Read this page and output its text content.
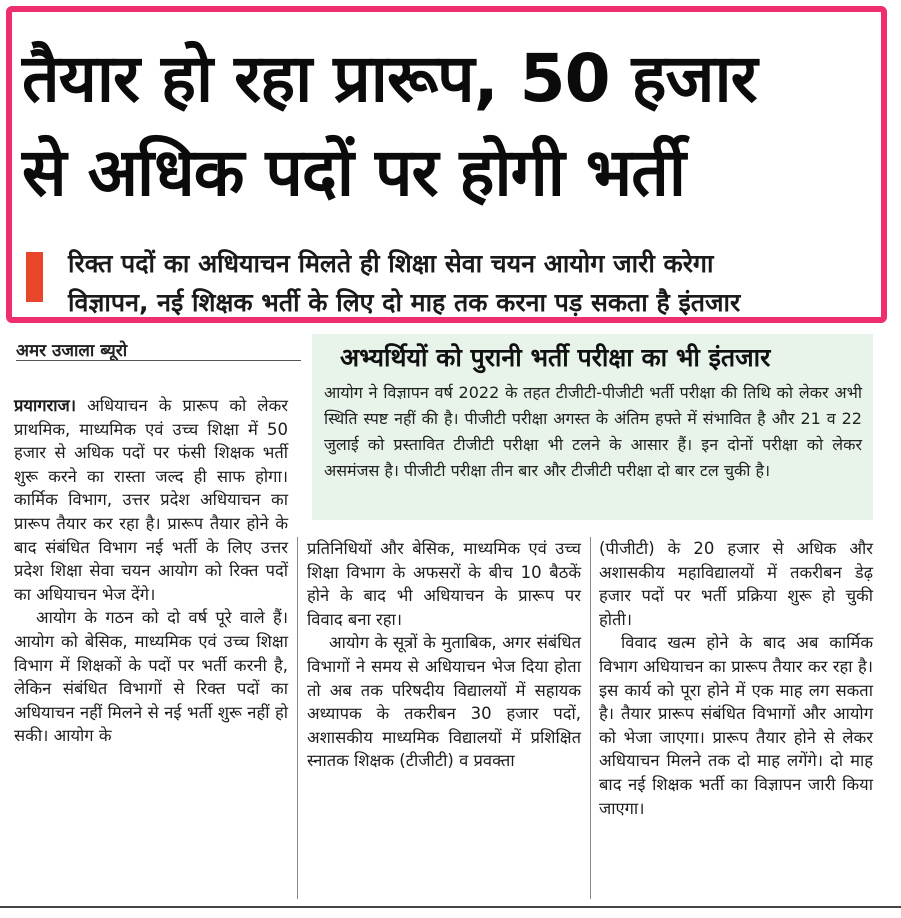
तैयार हो रहा प्रारूप, 50 हजार
से अधिक पदों पर होगी भर्ती

रिक्त पदों का अधियाचन मिलते ही शिक्षा सेवा चयन आयोग जारी करेगा
विज्ञापन, नई शिक्षक भर्ती के लिए दो माह तक करना पड़ सकता है इंतजार

अमर उजाला ब्यूरो	अभ्यर्थियों को पुरानी भर्ती परीक्षा का भी इंतजार

आयोग ने विज्ञापन वर्ष 2022 के तहत टीजीटी-पीजीटी भर्ती परीक्षा की तिथि को लेकर अभी स्थिति स्पष्ट नहीं की है। पीजीटी परीक्षा अगस्त के अंतिम हफ्ते में संभावित है और 21 व 22 जुलाई को प्रस्तावित टीजीटी परीक्षा भी टलने के आसार हैं। इन दोनों परीक्षा को लेकर असमंजस है। पीजीटी परीक्षा तीन बार और टीजीटी परीक्षा दो बार टल चुकी है।

प्रयागराज। अधियाचन के प्रारूप को लेकर प्राथमिक, माध्यमिक एवं उच्च शिक्षा में 50 हजार से अधिक पदों पर फंसी शिक्षक भर्ती शुरू करने का रास्ता जल्द ही साफ होगा। कार्मिक विभाग, उत्तर प्रदेश अधियाचन का प्रारूप तैयार कर रहा है। प्रारूप तैयार होने के बाद संबंधित विभाग नई भर्ती के लिए उत्तर प्रदेश शिक्षा सेवा चयन आयोग को रिक्त पदों का अधियाचन भेज देंगे।

आयोग के गठन को दो वर्ष पूरे वाले हैं। आयोग को बेसिक, माध्यमिक एवं उच्च शिक्षा विभाग में शिक्षकों के पदों पर भर्ती करनी है, लेकिन संबंधित विभागों से रिक्त पदों का अधियाचन नहीं मिलने से नई भर्ती शुरू नहीं हो सकी। आयोग के

प्रतिनिधियों और बेसिक, माध्यमिक एवं उच्च शिक्षा विभाग के अफसरों के बीच 10 बैठकें होने के बाद भी अधियाचन के प्रारूप पर विवाद बना रहा।

आयोग के सूत्रों के मुताबिक, अगर संबंधित विभागों ने समय से अधियाचन भेज दिया होता तो अब तक परिषदीय विद्यालयों में सहायक अध्यापक के तकरीबन 30 हजार पदों, अशासकीय माध्यमिक विद्यालयों में प्रशिक्षित स्नातक शिक्षक (टीजीटी) व प्रवक्ता

(पीजीटी) के 20 हजार से अधिक और अशासकीय महाविद्यालयों में तकरीबन डेढ़ हजार पदों पर भर्ती प्रक्रिया शुरू हो चुकी होती।

विवाद खत्म होने के बाद अब कार्मिक विभाग अधियाचन का प्रारूप तैयार कर रहा है। इस कार्य को पूरा होने में एक माह लग सकता है। तैयार प्रारूप संबंधित विभागों और आयोग को भेजा जाएगा। प्रारूप तैयार होने से लेकर अधियाचन मिलने तक दो माह लगेंगे। दो माह बाद नई शिक्षक भर्ती का विज्ञापन जारी किया जाएगा।
